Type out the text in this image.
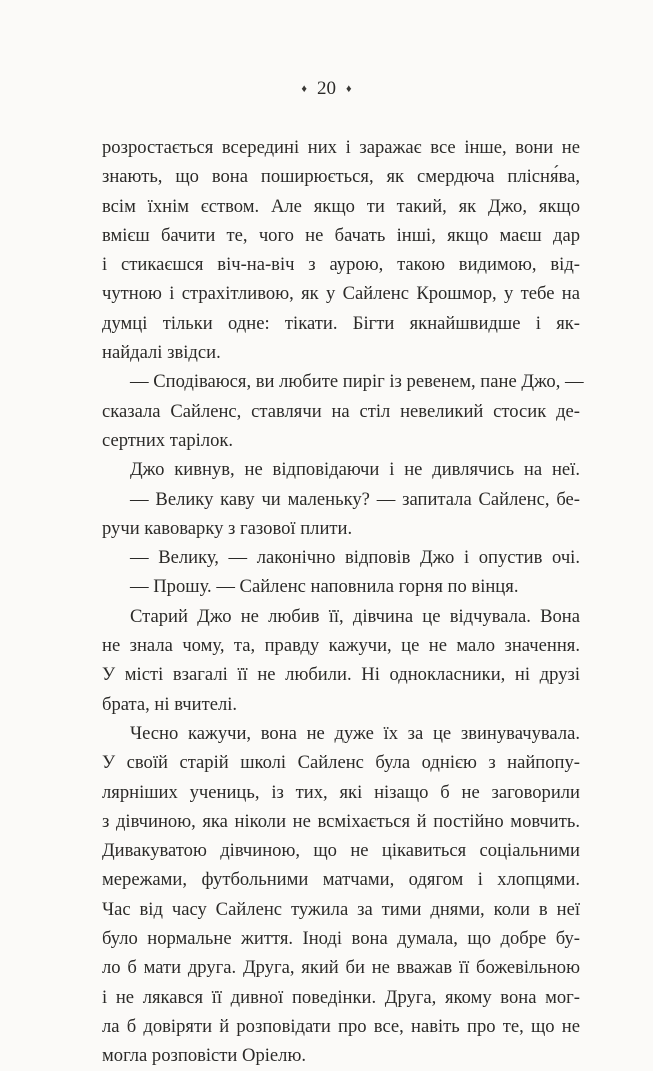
♦ 20 ♦
розростається всередині них і заражає все інше, вони не
знають, що вона поширюється, як смердюча плісня́ва,
всім їхнім єством. Але якщо ти такий, як Джо, якщо
вмієш бачити те, чого не бачать інші, якщо маєш дар
і стикаєшся віч-на-віч з аурою, такою видимою, від-
чутною і страхітливою, як у Сайленс Крошмор, у тебе на
думці тільки одне: тікати. Бігти якнайшвидше і як-
найдалі звідси.
— Сподіваюся, ви любите пиріг із ревенем, пане Джо, —
сказала Сайленс, ставлячи на стіл невеликий стосик де-
сертних тарілок.
Джо кивнув, не відповідаючи і не дивлячись на неї.
— Велику каву чи маленьку? — запитала Сайленс, бе-
ручи кавоварку з газової плити.
— Велику, — лаконічно відповів Джо і опустив очі.
— Прошу. — Сайленс наповнила горня по вінця.
Старий Джо не любив її, дівчина це відчувала. Вона
не знала чому, та, правду кажучи, це не мало значення.
У місті взагалі її не любили. Ні однокласники, ні друзі
брата, ні вчителі.
Чесно кажучи, вона не дуже їх за це звинувачувала.
У своїй старій школі Сайленс була однією з найпопу-
лярніших учениць, із тих, які нізащо б не заговорили
з дівчиною, яка ніколи не всміхається й постійно мовчить.
Дивакуватою дівчиною, що не цікавиться соціальними
мережами, футбольними матчами, одягом і хлопцями.
Час від часу Сайленс тужила за тими днями, коли в неї
було нормальне життя. Іноді вона думала, що добре бу-
ло б мати друга. Друга, який би не вважав її божевільною
і не лякався її дивної поведінки. Друга, якому вона мог-
ла б довіряти й розповідати про все, навіть про те, що не
могла розповісти Оріелю.
